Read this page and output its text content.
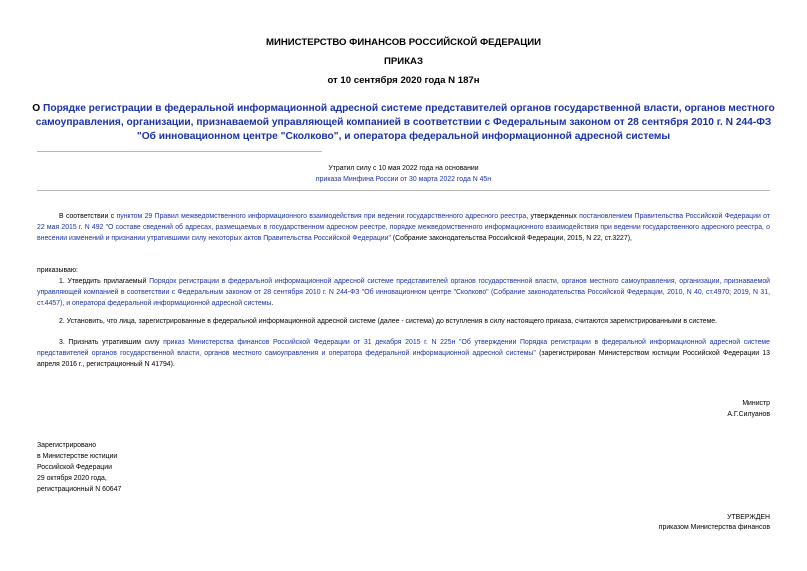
МИНИСТЕРСТВО ФИНАНСОВ РОССИЙСКОЙ ФЕДЕРАЦИИ
ПРИКАЗ
от 10 сентября 2020 года N 187н
О Порядке регистрации в федеральной информационной адресной системе представителей органов государственной власти, органов местного самоуправления, организации, признаваемой управляющей компанией в соответствии с Федеральным законом от 28 сентября 2010 г. N 244-ФЗ "Об инновационном центре "Сколково", и оператора федеральной информационной адресной системы
Утратил силу с 10 мая 2022 года на основании
приказа Минфина России от 30 марта 2022 года N 45н
В соответствии с пунктом 29 Правил межведомственного информационного взаимодействия при ведении государственного адресного реестра, утвержденных постановлением Правительства Российской Федерации от 22 мая 2015 г. N 492 "О составе сведений об адресах, размещаемых в государственном адресном реестре, порядке межведомственного информационного взаимодействия при ведении государственного адресного реестра, о внесении изменений и признании утратившими силу некоторых актов Правительства Российской Федерации" (Собрание законодательства Российской Федерации, 2015, N 22, ст.3227),
приказываю:
1. Утвердить прилагаемый Порядок регистрации в федеральной информационной адресной системе представителей органов государственной власти, органов местного самоуправления, организации, признаваемой управляющей компанией в соответствии с Федеральным законом от 28 сентября 2010 г. N 244-ФЗ "Об инновационном центре "Сколково" (Собрание законодательства Российской Федерации, 2010, N 40, ст.4970; 2019, N 31, ст.4457), и оператора федеральной информационной адресной системы.
2. Установить, что лица, зарегистрированные в федеральной информационной адресной системе (далее - система) до вступления в силу настоящего приказа, считаются зарегистрированными в системе.
3. Признать утратившим силу приказ Министерства финансов Российской Федерации от 31 декабря 2015 г. N 225н "Об утверждении Порядка регистрации в федеральной информационной адресной системе представителей органов государственной власти, органов местного самоуправления и оператора федеральной информационной адресной системы" (зарегистрирован Министерством юстиции Российской Федерации 13 апреля 2016 г., регистрационный N 41794).
Министр
А.Г.Силуанов
Зарегистрировано
в Министерстве юстиции
Российской Федерации
29 октября 2020 года,
регистрационный N 60647
УТВЕРЖДЕН
приказом Министерства финансов
